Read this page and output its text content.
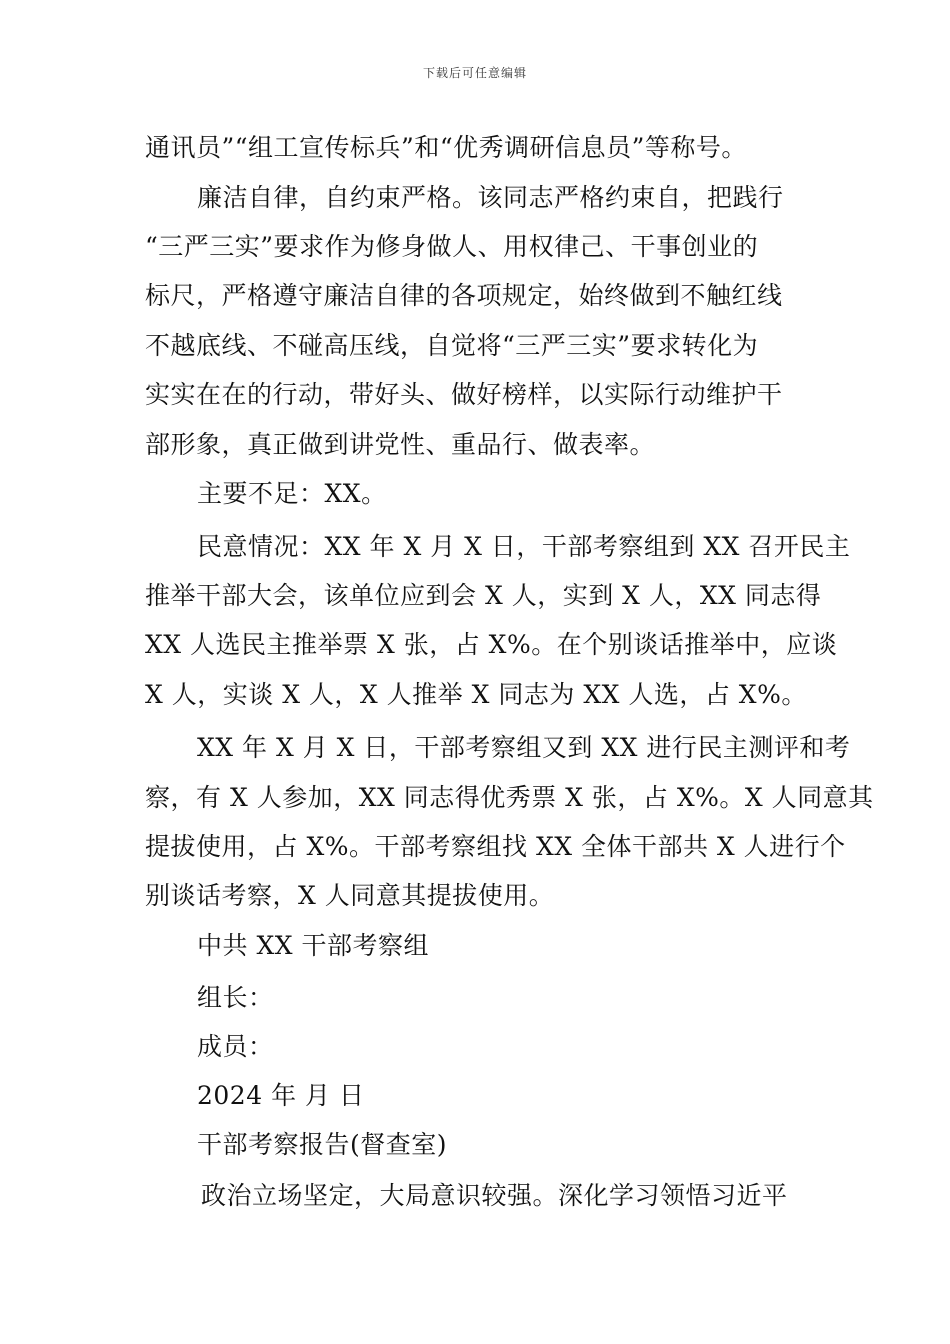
下载后可任意编辑
通讯员”“组工宣传标兵”和“优秀调研信息员”等称号。
廉洁自律，自约束严格。该同志严格约束自，把践行
“三严三实”要求作为修身做人、用权律己、干事创业的
标尺，严格遵守廉洁自律的各项规定，始终做到不触红线
不越底线、不碰高压线，自觉将“三严三实”要求转化为
实实在在的行动，带好头、做好榜样，以实际行动维护干
部形象，真正做到讲党性、重品行、做表率。
主要不足：XX。
民意情况：XX 年 X 月 X 日，干部考察组到 XX 召开民主
推举干部大会，该单位应到会 X 人，实到 X 人，XX 同志得
XX 人选民主推举票 X 张，占 X%。在个别谈话推举中，应谈
X 人，实谈 X 人，X 人推举 X 同志为 XX 人选，占 X%。
XX 年 X 月 X 日，干部考察组又到 XX 进行民主测评和考
察，有 X 人参加，XX 同志得优秀票 X 张，占 X%。X 人同意其
提拔使用，占 X%。干部考察组找 XX 全体干部共 X 人进行个
别谈话考察，X 人同意其提拔使用。
中共 XX 干部考察组
组长：
成员：
2024 年 月 日
干部考察报告(督查室)
政治立场坚定，大局意识较强。深化学习领悟习近平
